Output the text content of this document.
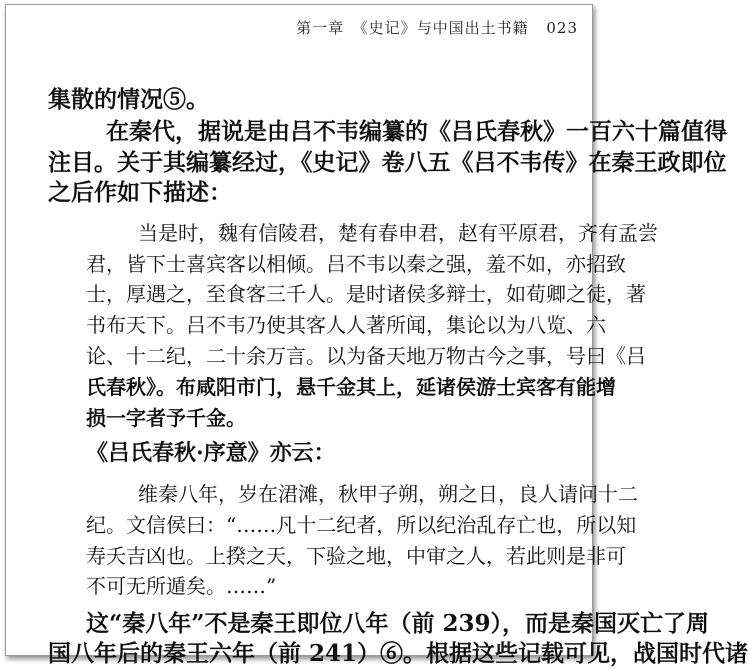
第一章　《史记》与中国出土书籍 023
集散的情况⑤。
在秦代，据说是由吕不韦编纂的《吕氏春秋》一百六十篇值得
注目。关于其编纂经过，《史记》卷八五《吕不韦传》在秦王政即位
之后作如下描述：
当是时，魏有信陵君，楚有春申君，赵有平原君，齐有孟尝
君，皆下士喜宾客以相倾。吕不韦以秦之强，羞不如，亦招致
士，厚遇之，至食客三千人。是时诸侯多辩士，如荀卿之徒，著
书布天下。吕不韦乃使其客人人著所闻，集论以为八览、六
论、十二纪，二十余万言。以为备天地万物古今之事，号曰《吕
氏春秋》。布咸阳市门，悬千金其上，延诸侯游士宾客有能增
损一字者予千金。
《吕氏春秋·序意》亦云：
维秦八年，岁在涒滩，秋甲子朔，朔之日，良人请问十二
纪。文信侯曰：“……凡十二纪者，所以纪治乱存亡也，所以知
寿夭吉凶也。上揆之天，下验之地，中审之人，若此则是非可
不可无所遁矣。……”
这“秦八年”不是秦王即位八年（前 239），而是秦国灭亡了周
国八年后的秦王六年（前 241）⑥。根据这些记载可见，战国时代诸
